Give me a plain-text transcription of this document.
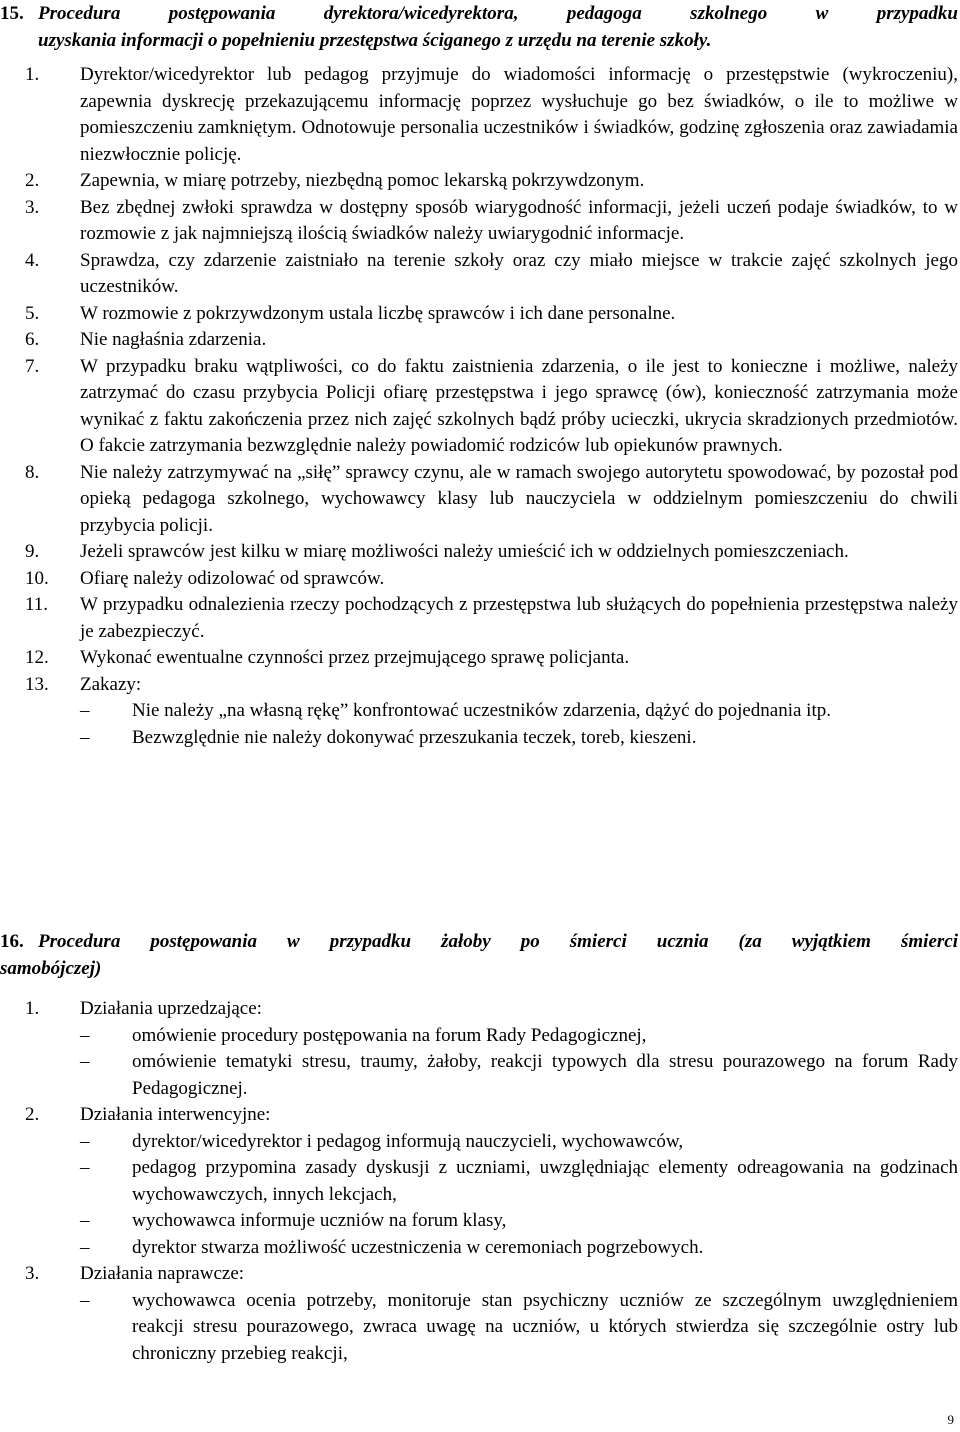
15. Procedura postępowania dyrektora/wicedyrektora, pedagoga szkolnego w przypadku
uzyskania informacji o popełnieniu przestępstwa ściganego z urzędu na terenie szkoły.
1. Dyrektor/wicedyrektor lub pedagog przyjmuje do wiadomości informację o przestępstwie (wykroczeniu), zapewnia dyskrecję przekazującemu informację poprzez wysłuchuje go bez świadków, o ile to możliwe w pomieszczeniu zamkniętym. Odnotowuje personalia uczestników i świadków, godzinę zgłoszenia oraz zawiadamia niezwłocznie policję.
2. Zapewnia, w miarę potrzeby, niezbędną pomoc lekarską pokrzywdzonym.
3. Bez zbędnej zwłoki sprawdza w dostępny sposób wiarygodność informacji, jeżeli uczeń podaje świadków, to w rozmowie z jak najmniejszą ilością świadków należy uwiarygodnić informacje.
4. Sprawdza, czy zdarzenie zaistniało na terenie szkoły oraz czy miało miejsce w trakcie zajęć szkolnych jego uczestników.
5. W rozmowie z pokrzywdzonym ustala liczbę sprawców i ich dane personalne.
6. Nie nagłaśnia zdarzenia.
7. W przypadku braku wątpliwości, co do faktu zaistnienia zdarzenia, o ile jest to konieczne i możliwe, należy zatrzymać do czasu przybycia Policji ofiarę przestępstwa i jego sprawcę (ów), konieczność zatrzymania może wynikać z faktu zakończenia przez nich zajęć szkolnych bądź próby ucieczki, ukrycia skradzionych przedmiotów. O fakcie zatrzymania bezwzględnie należy powiadomić rodziców lub opiekunów prawnych.
8. Nie należy zatrzymywać na „siłę” sprawcy czynu, ale w ramach swojego autorytetu spowodować, by pozostał pod opieką pedagoga szkolnego, wychowawcy klasy lub nauczyciela w oddzielnym pomieszczeniu do chwili przybycia policji.
9. Jeżeli sprawców jest kilku w miarę możliwości należy umieścić ich w oddzielnych pomieszczeniach.
10. Ofiarę należy odizolować od sprawców.
11. W przypadku odnalezienia rzeczy pochodzących z przestępstwa lub służących do popełnienia przestępstwa należy je zabezpieczyć.
12. Wykonać ewentualne czynności przez przejmującego sprawę policjanta.
13. Zakazy:
– Nie należy „na własną rękę” konfrontować uczestników zdarzenia, dążyć do pojednania itp.
– Bezwzględnie nie należy dokonywać przeszukania teczek, toreb, kieszeni.
16. Procedura postępowania w przypadku żałoby po śmierci ucznia (za wyjątkiem śmierci
samobójczej)
1. Działania uprzedzające:
– omówienie procedury postępowania na forum Rady Pedagogicznej,
– omówienie tematyki stresu, traumy, żałoby, reakcji typowych dla stresu pourazowego na forum Rady Pedagogicznej.
2. Działania interwencyjne:
– dyrektor/wicedyrektor i pedagog informują nauczycieli, wychowawców,
– pedagog przypomina zasady dyskusji z uczniami, uwzględniając elementy odreagowania na godzinach wychowawczych, innych lekcjach,
– wychowawca informuje uczniów na forum klasy,
– dyrektor stwarza możliwość uczestniczenia w ceremoniach pogrzebowych.
3. Działania naprawcze:
– wychowawca ocenia potrzeby, monitoruje stan psychiczny uczniów ze szczególnym uwzględnieniem reakcji stresu pourazowego, zwraca uwagę na uczniów, u których stwierdza się szczególnie ostry lub chroniczny przebieg reakcji,
9
